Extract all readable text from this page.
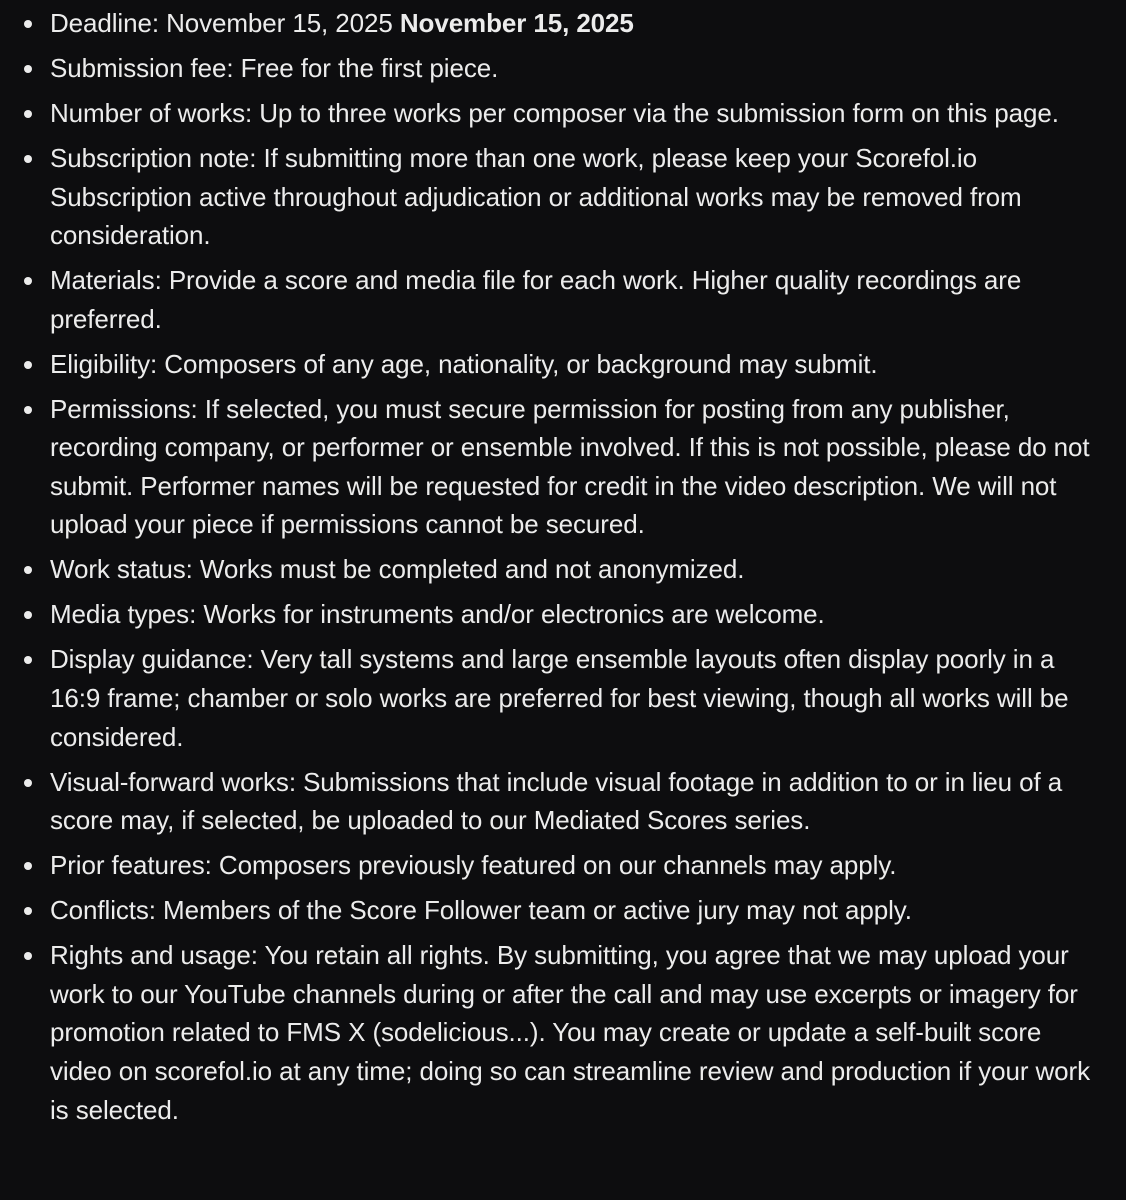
Deadline: November 15, 2025 November 15, 2025
Submission fee: Free for the first piece.
Number of works: Up to three works per composer via the submission form on this page.
Subscription note: If submitting more than one work, please keep your Scorefol.io Subscription active throughout adjudication or additional works may be removed from consideration.
Materials: Provide a score and media file for each work. Higher quality recordings are preferred.
Eligibility: Composers of any age, nationality, or background may submit.
Permissions: If selected, you must secure permission for posting from any publisher, recording company, or performer or ensemble involved. If this is not possible, please do not submit. Performer names will be requested for credit in the video description. We will not upload your piece if permissions cannot be secured.
Work status: Works must be completed and not anonymized.
Media types: Works for instruments and/or electronics are welcome.
Display guidance: Very tall systems and large ensemble layouts often display poorly in a 16:9 frame; chamber or solo works are preferred for best viewing, though all works will be considered.
Visual-forward works: Submissions that include visual footage in addition to or in lieu of a score may, if selected, be uploaded to our Mediated Scores series.
Prior features: Composers previously featured on our channels may apply.
Conflicts: Members of the Score Follower team or active jury may not apply.
Rights and usage: You retain all rights. By submitting, you agree that we may upload your work to our YouTube channels during or after the call and may use excerpts or imagery for promotion related to FMS X (sodelicious...). You may create or update a self-built score video on scorefol.io at any time; doing so can streamline review and production if your work is selected.
